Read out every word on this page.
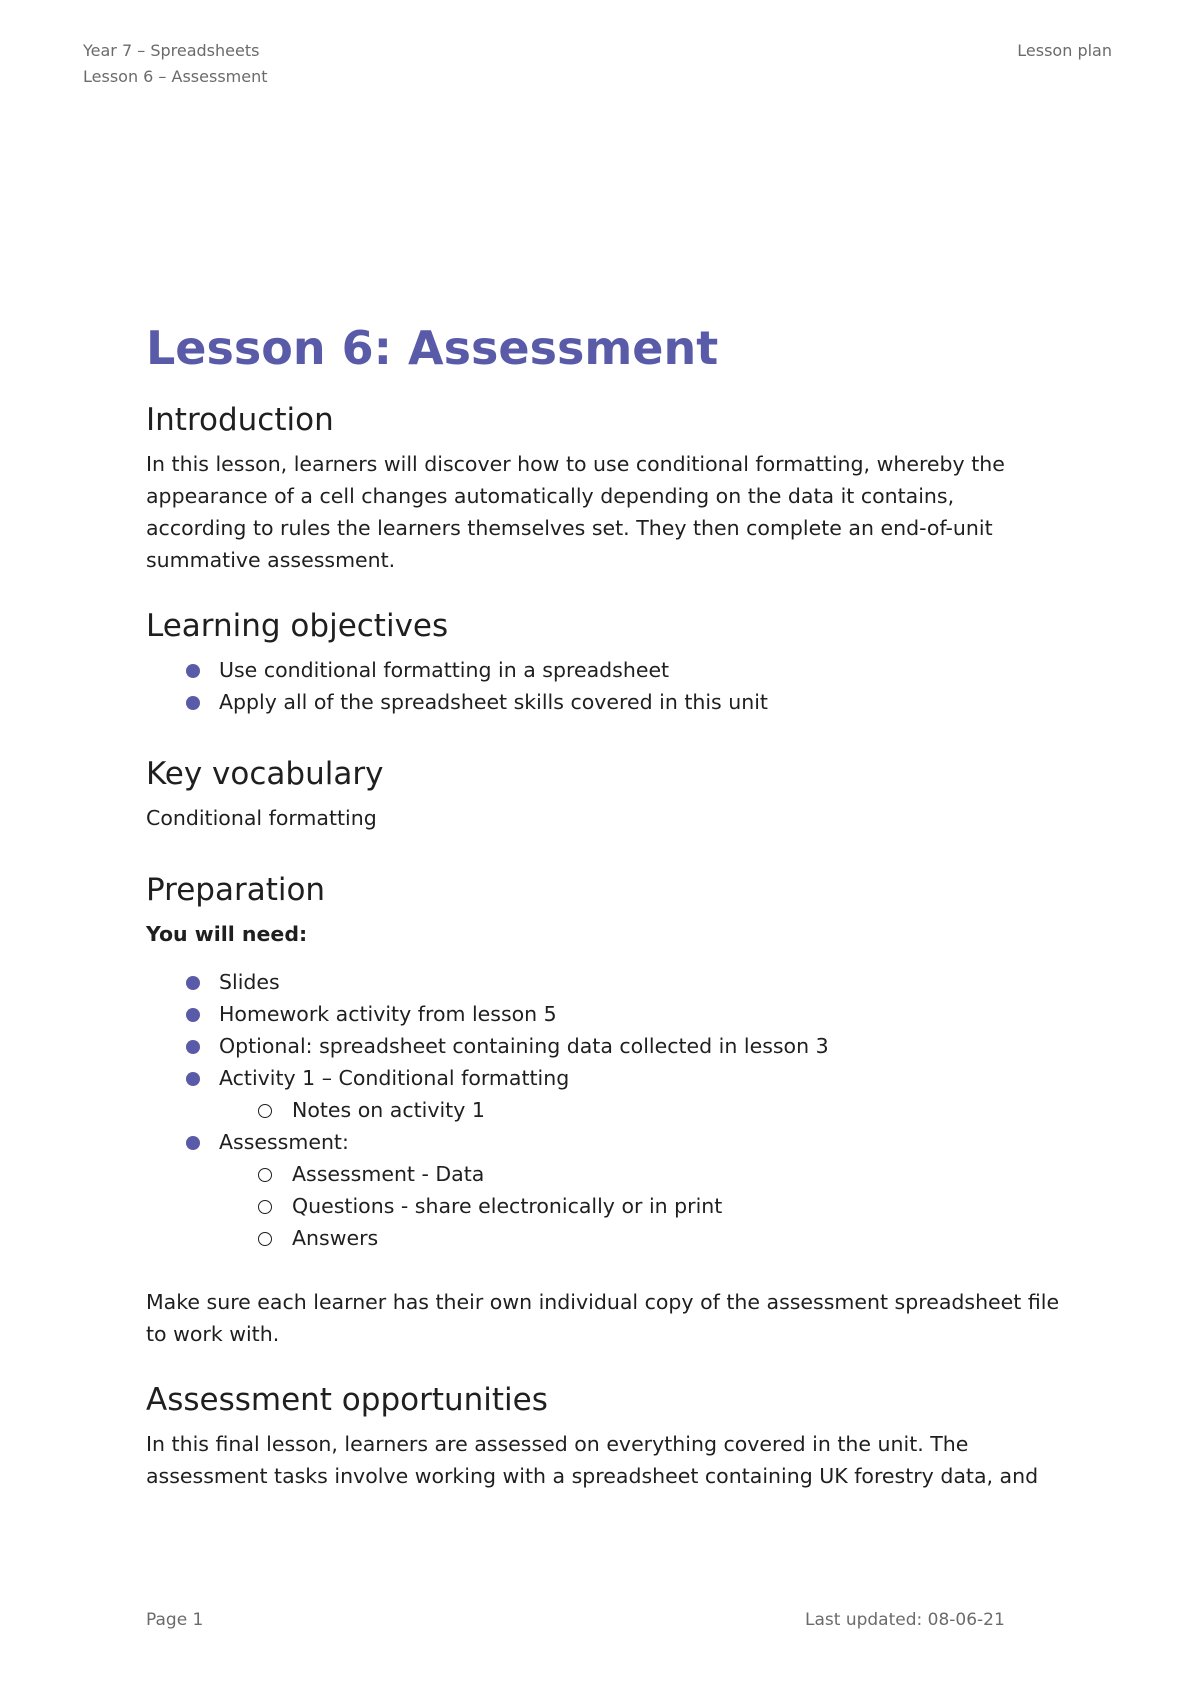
Year 7 – Spreadsheets
Lesson 6 – Assessment
Lesson plan
Lesson 6: Assessment
Introduction

In this lesson, learners will discover how to use conditional formatting, whereby the
appearance of a cell changes automatically depending on the data it contains,
according to rules the learners themselves set. They then complete an end-of-unit
summative assessment.

Learning objectives
Use conditional formatting in a spreadsheet
Apply all of the spreadsheet skills covered in this unit
Key vocabulary

Conditional formatting

Preparation

You will need:

Slides
Homework activity from lesson 5
Optional: spreadsheet containing data collected in lesson 3
Activity 1 – Conditional formatting
Notes on activity 1
Assessment:
Assessment - Data
Questions - share electronically or in print
Answers

Make sure each learner has their own individual copy of the assessment spreadsheet file
to work with.

Assessment opportunities

In this final lesson, learners are assessed on everything covered in the unit. The
assessment tasks involve working with a spreadsheet containing UK forestry data, and

Page 1	Last updated: 08-06-21
